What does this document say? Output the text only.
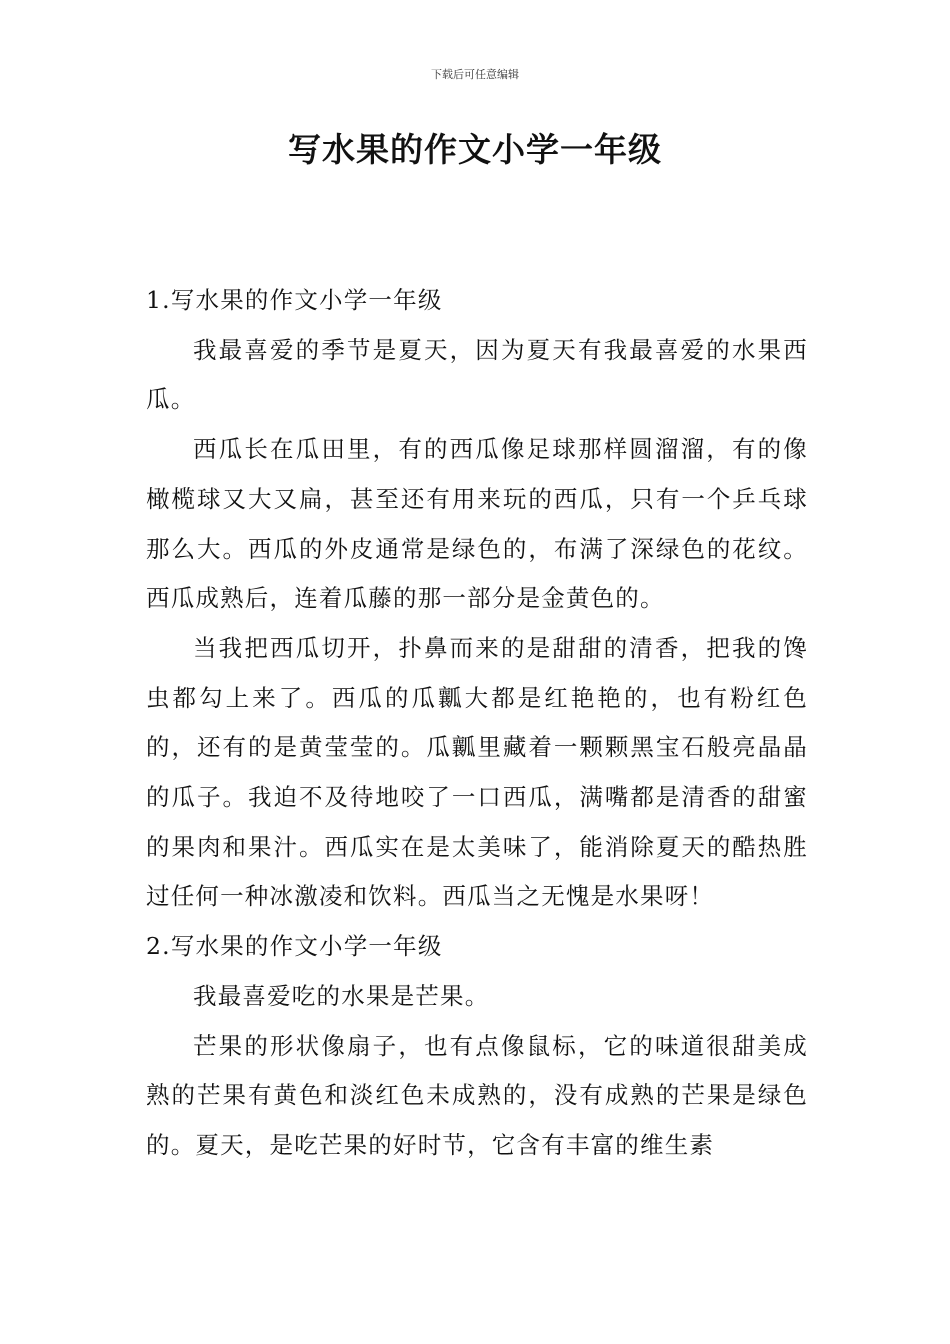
下载后可任意编辑
写水果的作文小学一年级

1.写水果的作文小学一年级

我最喜爱的季节是夏天，因为夏天有我最喜爱的水果西瓜。

西瓜长在瓜田里，有的西瓜像足球那样圆溜溜，有的像橄榄球又大又扁，甚至还有用来玩的西瓜，只有一个乒乓球那么大。西瓜的外皮通常是绿色的，布满了深绿色的花纹。西瓜成熟后，连着瓜藤的那一部分是金黄色的。

当我把西瓜切开，扑鼻而来的是甜甜的清香，把我的馋虫都勾上来了。西瓜的瓜瓤大都是红艳艳的，也有粉红色的，还有的是黄莹莹的。瓜瓤里藏着一颗颗黑宝石般亮晶晶的瓜子。我迫不及待地咬了一口西瓜，满嘴都是清香的甜蜜的果肉和果汁。西瓜实在是太美味了，能消除夏天的酷热胜过任何一种冰激凌和饮料。西瓜当之无愧是水果呀！

2.写水果的作文小学一年级

我最喜爱吃的水果是芒果。

芒果的形状像扇子，也有点像鼠标，它的味道很甜美成熟的芒果有黄色和淡红色未成熟的，没有成熟的芒果是绿色的。夏天，是吃芒果的好时节，它含有丰富的维生素
